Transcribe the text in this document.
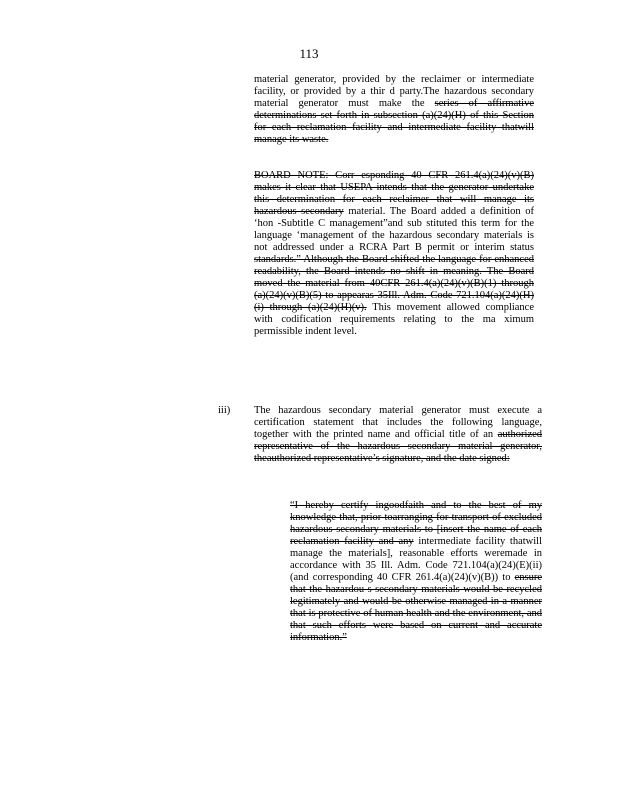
113
material generator, provided by the reclaimer or intermediate facility, or provided by a thir d party.The hazardous secondary material generator must make the series of affirmative determinations set forth in subsection (a)(24)(H) of this Section for each reclamation facility and intermediate facility thatwill manage its waste.
BOARD NOTE: Corr esponding 40 CFR 261.4(a)(24)(v)(B) makes it clear that USEPA intends that the generator undertake this determination for each reclaimer that will manage its hazardous secondary material. The Board added a definition of ‘hon -Subtitle C management”and sub stituted this term for the language ‘management of the hazardous secondary materials is not addressed under a RCRA Part B permit or interim status standards.” Although the Board shifted the language for enhanced readability, the Board intends no shift in meaning. The Board moved the material from 40CFR 261.4(a)(24)(v)(B)(1) through (a)(24)(v)(B)(5) to appearas 35Ill. Adm. Code 721.104(a)(24)(H)(i) through (a)(24)(H)(v). This movement allowed compliance with codification requirements relating to the ma ximum permissible indent level.
iii) The hazardous secondary material generator must execute a certification statement that includes the following language, together with the printed name and official title of an authorized representative of the hazardous secondary material generator, theauthorized representative’s signature, and the date signed:
“I hereby certify ingoodfaith and to the best of my knowledge that, prior toarranging for transport of excluded hazardous secondary materials to [insert the name of each reclamation facility and any intermediate facility thatwill manage the materials], reasonable efforts weremade in accordance with 35 Ill. Adm. Code 721.104(a)(24)(E)(ii) (and corresponding 40 CFR 261.4(a)(24)(v)(B)) to ensure that the hazardou s secondary materials would be recycled legitimately and would be otherwise managed in a manner that is protective of human health and the environment, and that such efforts were based on current and accurate information.”
